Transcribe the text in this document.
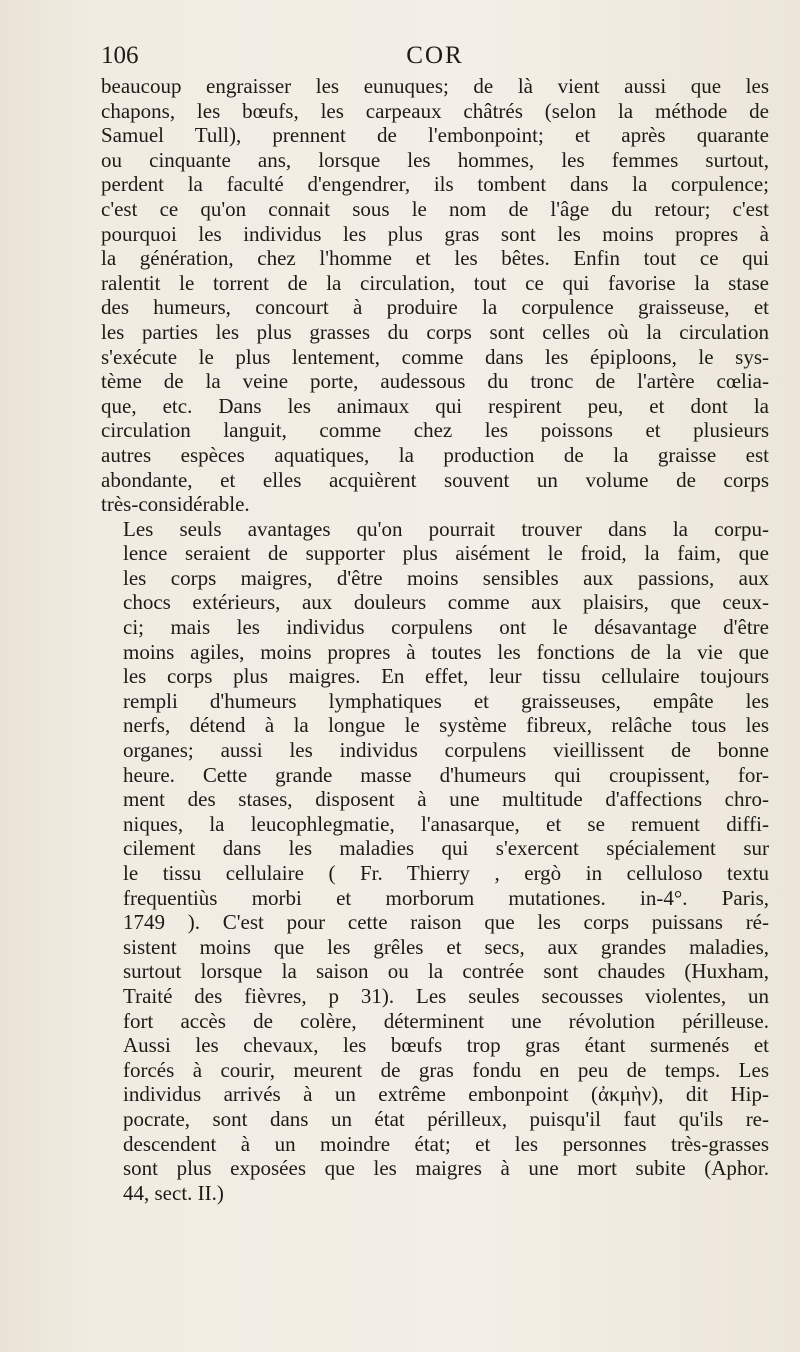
106	COR

beaucoup engraisser les eunuques; de là vient aussi que les
chapons, les bœufs, les carpeaux châtrés (selon la méthode de
Samuel Tull), prennent de l'embonpoint; et après quarante
ou cinquante ans, lorsque les hommes, les femmes surtout,
perdent la faculté d'engendrer, ils tombent dans la corpulence;
c'est ce qu'on connait sous le nom de l'âge du retour; c'est
pourquoi les individus les plus gras sont les moins propres à
la génération, chez l'homme et les bêtes. Enfin tout ce qui
ralentit le torrent de la circulation, tout ce qui favorise la stase
des humeurs, concourt à produire la corpulence graisseuse, et
les parties les plus grasses du corps sont celles où la circulation
s'exécute le plus lentement, comme dans les épiploons, le sys-
tème de la veine porte, audessous du tronc de l'artère cœlia-
que, etc. Dans les animaux qui respirent peu, et dont la
circulation languit, comme chez les poissons et plusieurs
autres espèces aquatiques, la production de la graisse est
abondante, et elles acquièrent souvent un volume de corps
très-considérable.

Les seuls avantages qu'on pourrait trouver dans la corpu-
lence seraient de supporter plus aisément le froid, la faim, que
les corps maigres, d'être moins sensibles aux passions, aux
chocs extérieurs, aux douleurs comme aux plaisirs, que ceux-
ci; mais les individus corpulens ont le désavantage d'être
moins agiles, moins propres à toutes les fonctions de la vie que
les corps plus maigres. En effet, leur tissu cellulaire toujours
rempli d'humeurs lymphatiques et graisseuses, empâte les
nerfs, détend à la longue le système fibreux, relâche tous les
organes; aussi les individus corpulens vieillissent de bonne
heure. Cette grande masse d'humeurs qui croupissent, for-
ment des stases, disposent à une multitude d'affections chro-
niques, la leucophlegmatie, l'anasarque, et se remuent diffi-
cilement dans les maladies qui s'exercent spécialement sur
le tissu cellulaire ( Fr. Thierry , ergò in celluloso textu
frequentiùs morbi et morborum mutationes. in-4°. Paris,
1749 ). C'est pour cette raison que les corps puissans ré-
sistent moins que les grêles et secs, aux grandes maladies,
surtout lorsque la saison ou la contrée sont chaudes (Huxham,
Traité des fièvres, p 31). Les seules secousses violentes, un
fort accès de colère, déterminent une révolution périlleuse.
Aussi les chevaux, les bœufs trop gras étant surmenés et
forcés à courir, meurent de gras fondu en peu de temps. Les
individus arrivés à un extrême embonpoint (ἀκμὴν), dit Hip-
pocrate, sont dans un état périlleux, puisqu'il faut qu'ils re-
descendent à un moindre état; et les personnes très-grasses
sont plus exposées que les maigres à une mort subite (Aphor.
44, sect. II.)
